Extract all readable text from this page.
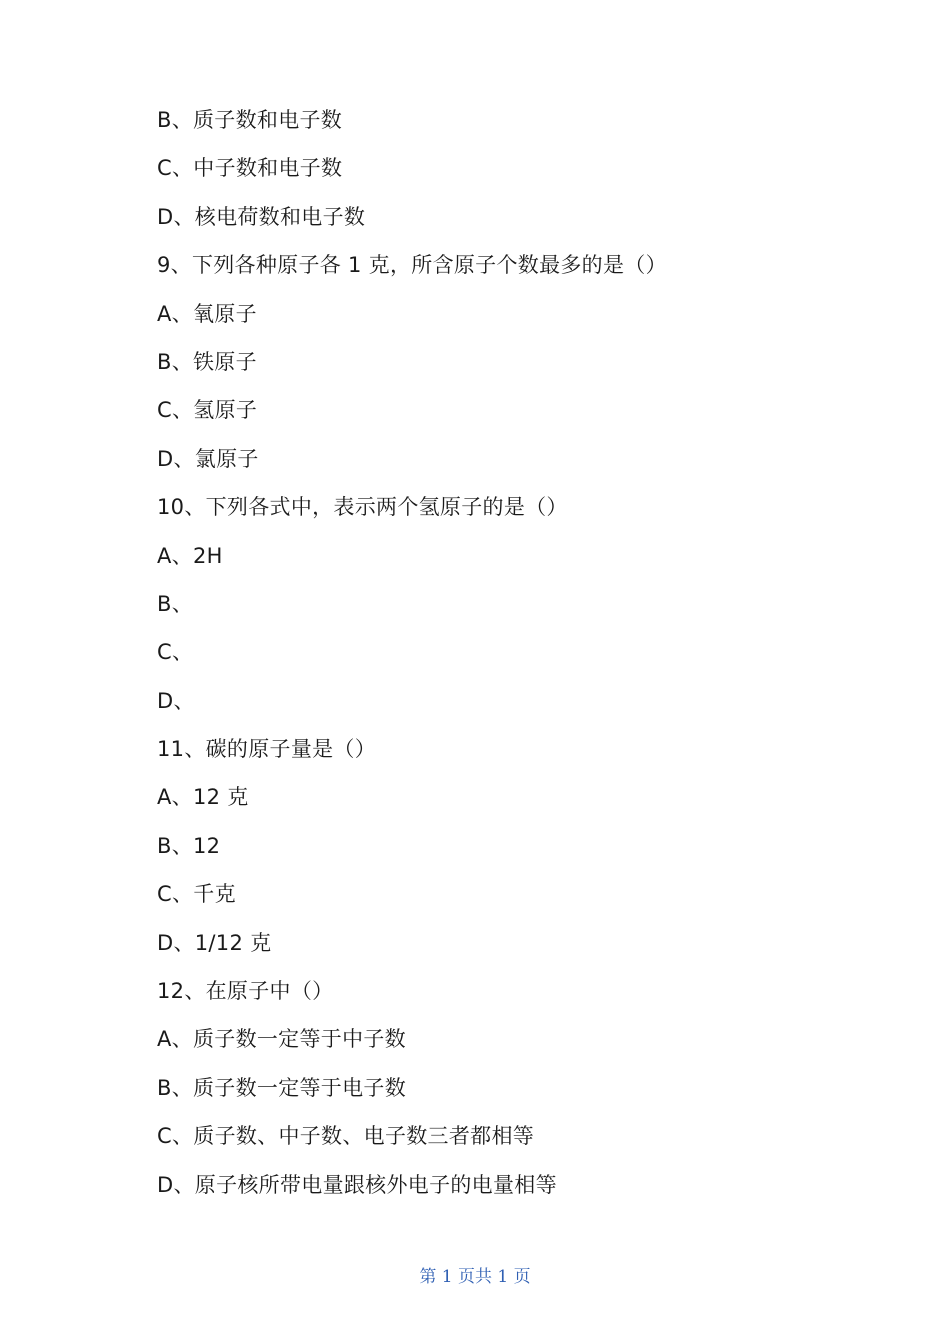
B、质子数和电子数
C、中子数和电子数
D、核电荷数和电子数
9、下列各种原子各 1 克，所含原子个数最多的是（）
A、氧原子
B、铁原子
C、氢原子
D、氯原子
10、下列各式中，表示两个氢原子的是（）
A、2H
B、
C、
D、
11、碳的原子量是（）
A、12 克
B、12
C、千克
D、1/12 克
12、在原子中（）
A、质子数一定等于中子数
B、质子数一定等于电子数
C、质子数、中子数、电子数三者都相等
D、原子核所带电量跟核外电子的电量相等
第 1 页共 1 页
